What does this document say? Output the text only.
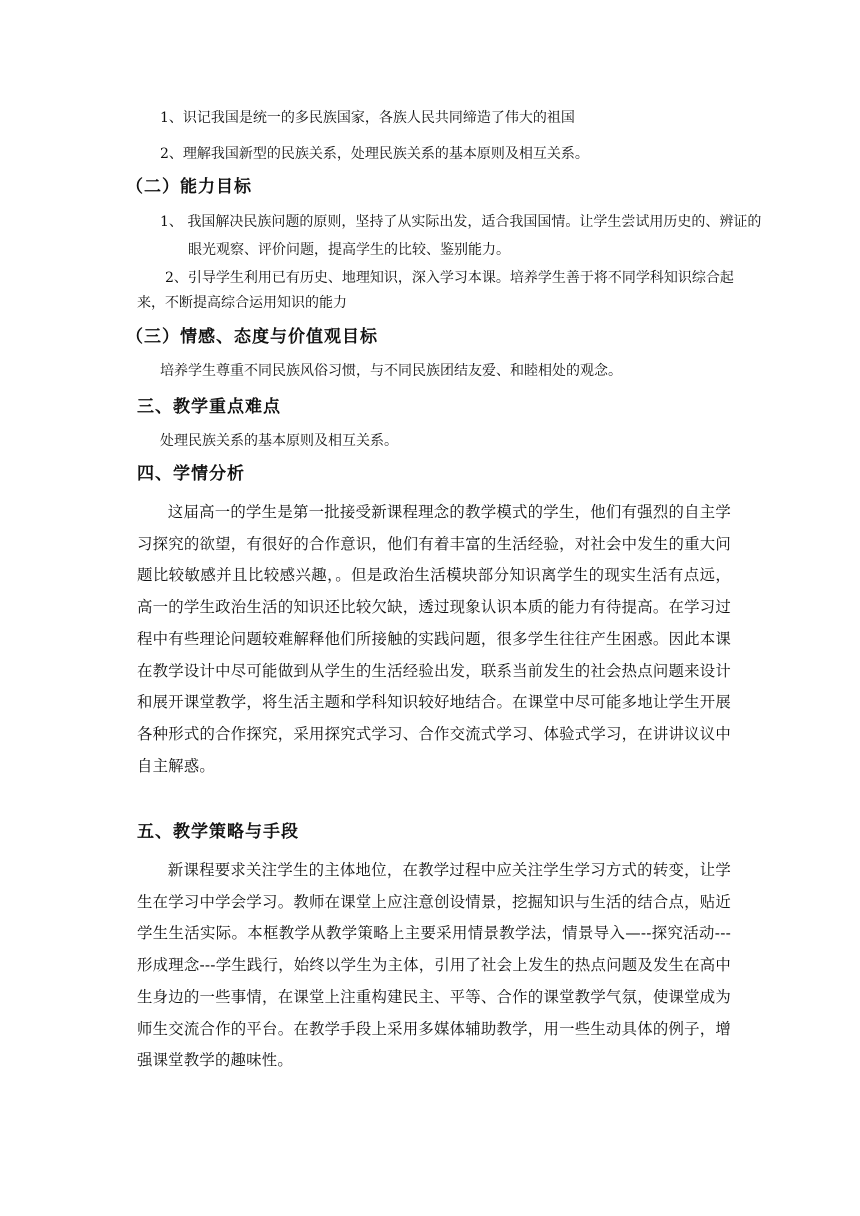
1、识记我国是统一的多民族国家，各族人民共同缔造了伟大的祖国
2、理解我国新型的民族关系，处理民族关系的基本原则及相互关系。
（二）能力目标
1、 我国解决民族问题的原则，坚持了从实际出发，适合我国国情。让学生尝试用历史的、辨证的眼光观察、评价问题，提高学生的比较、鉴别能力。
2、引导学生利用已有历史、地理知识，深入学习本课。培养学生善于将不同学科知识综合起来，不断提高综合运用知识的能力
（三）情感、态度与价值观目标
培养学生尊重不同民族风俗习惯，与不同民族团结友爱、和睦相处的观念。
三、教学重点难点
处理民族关系的基本原则及相互关系。
四、学情分析
这届高一的学生是第一批接受新课程理念的教学模式的学生，他们有强烈的自主学习探究的欲望，有很好的合作意识，他们有着丰富的生活经验，对社会中发生的重大问题比较敏感并且比较感兴趣，。但是政治生活模块部分知识离学生的现实生活有点远，高一的学生政治生活的知识还比较欠缺，透过现象认识本质的能力有待提高。在学习过程中有些理论问题较难解释他们所接触的实践问题，很多学生往往产生困惑。因此本课在教学设计中尽可能做到从学生的生活经验出发，联系当前发生的社会热点问题来设计和展开课堂教学，将生活主题和学科知识较好地结合。在课堂中尽可能多地让学生开展各种形式的合作探究，采用探究式学习、合作交流式学习、体验式学习，在讲讲议议中自主解惑。
五、教学策略与手段
新课程要求关注学生的主体地位，在教学过程中应关注学生学习方式的转变，让学生在学习中学会学习。教师在课堂上应注意创设情景，挖掘知识与生活的结合点，贴近学生生活实际。本框教学从教学策略上主要采用情景教学法，情景导入—--探究活动---形成理念---学生践行，始终以学生为主体，引用了社会上发生的热点问题及发生在高中生身边的一些事情，在课堂上注重构建民主、平等、合作的课堂教学气氛，使课堂成为师生交流合作的平台。在教学手段上采用多媒体辅助教学，用一些生动具体的例子，增强课堂教学的趣味性。
